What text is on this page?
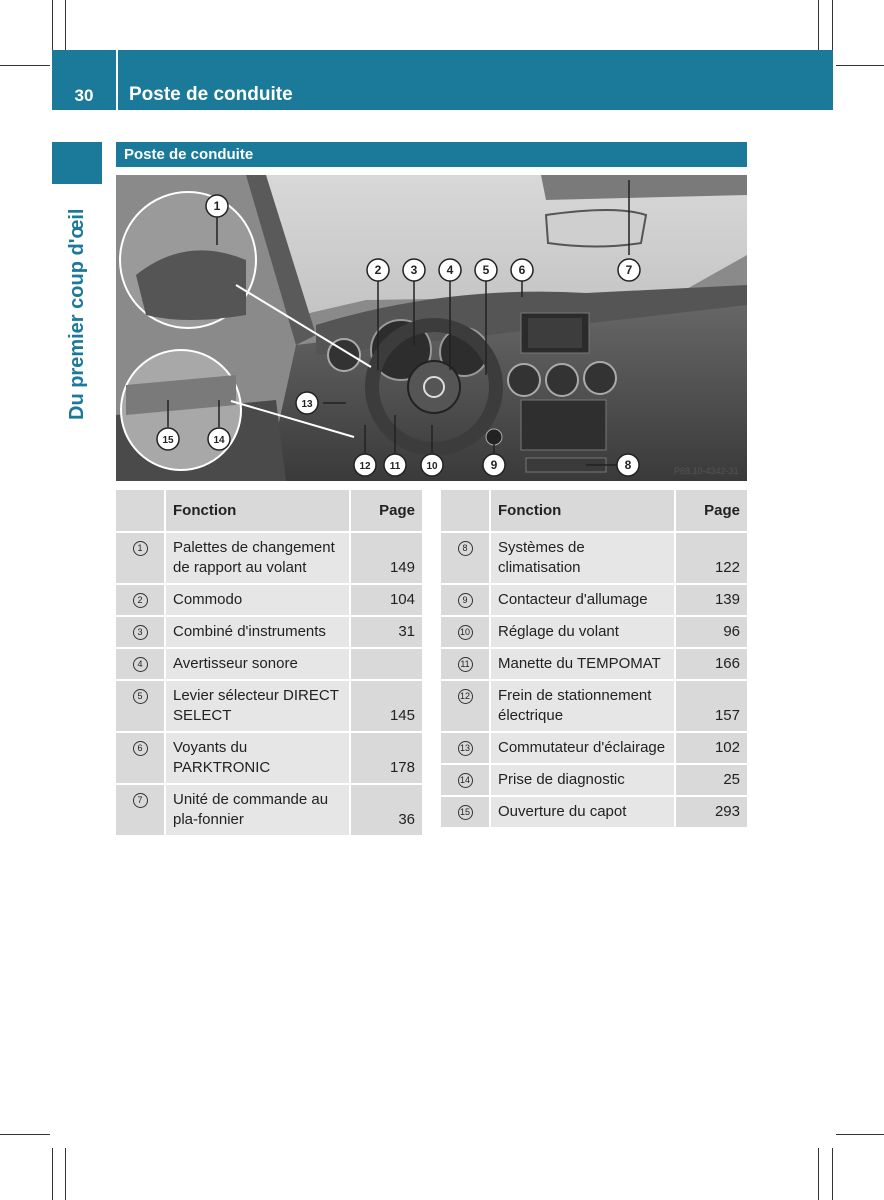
30	Poste de conduite
Du premier coup d'œil
Poste de conduite
1
2 3 4 5 6	7
8
9
10
11
12
13
14
15
P68.10-4342-31
	Fonction	Page
1	Palettes de changement de rapport au volant	149
2	Commodo	104
3	Combiné d'instruments	31
4	Avertisseur sonore	
5	Levier sélecteur DIRECT SELECT	145
6	Voyants du PARKTRONIC	178
7	Unité de commande au pla-fonnier	36
	Fonction	Page
8	Systèmes de climatisation	122
9	Contacteur d'allumage	139
10	Réglage du volant	96
11	Manette du TEMPOMAT	166
12	Frein de stationnement électrique	157
13	Commutateur d'éclairage	102
14	Prise de diagnostic	25
15	Ouverture du capot	293
